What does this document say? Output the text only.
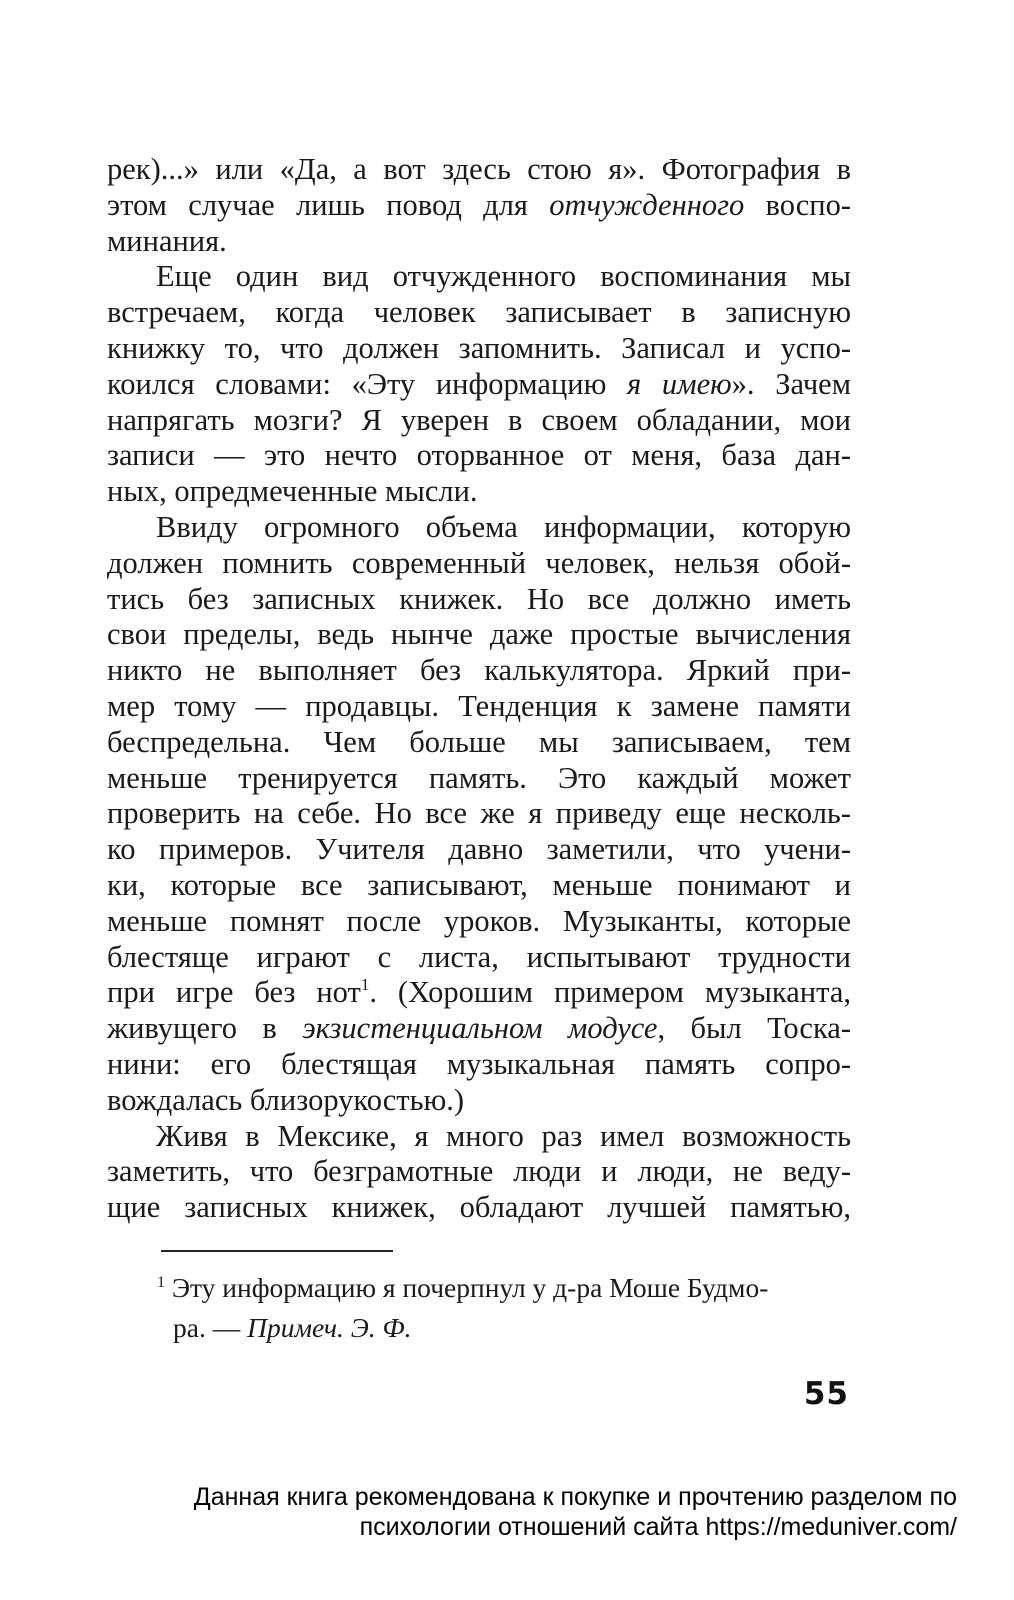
рек)...» или «Да, а вот здесь стою я». Фотография в
этом случае лишь повод для отчужденного воспо-
минания.
Еще один вид отчужденного воспоминания мы
встречаем, когда человек записывает в записную
книжку то, что должен запомнить. Записал и успо-
коился словами: «Эту информацию я имею». Зачем
напрягать мозги? Я уверен в своем обладании, мои
записи — это нечто оторванное от меня, база дан-
ных, опредмеченные мысли.
Ввиду огромного объема информации, которую
должен помнить современный человек, нельзя обой-
тись без записных книжек. Но все должно иметь
свои пределы, ведь нынче даже простые вычисления
никто не выполняет без калькулятора. Яркий при-
мер тому — продавцы. Тенденция к замене памяти
беспредельна. Чем больше мы записываем, тем
меньше тренируется память. Это каждый может
проверить на себе. Но все же я приведу еще несколь-
ко примеров. Учителя давно заметили, что учени-
ки, которые все записывают, меньше понимают и
меньше помнят после уроков. Музыканты, которые
блестяще играют с листа, испытывают трудности
при игре без нот$^1$. (Хорошим примером музыканта,
живущего в экзистенциальном модусе, был Тоска-
нини: его блестящая музыкальная память сопро-
вождалась близорукостью.)
Живя в Мексике, я много раз имел возможность
заметить, что безграмотные люди и люди, не веду-
щие записных книжек, обладают лучшей памятью,
$^1$ Эту информацию я почерпнул у д-ра Моше Будмо-
ра. — Примеч. Э. Ф.
55
Данная книга рекомендована к покупке и прочтению разделом по
психологии отношений сайта https://meduniver.com/
